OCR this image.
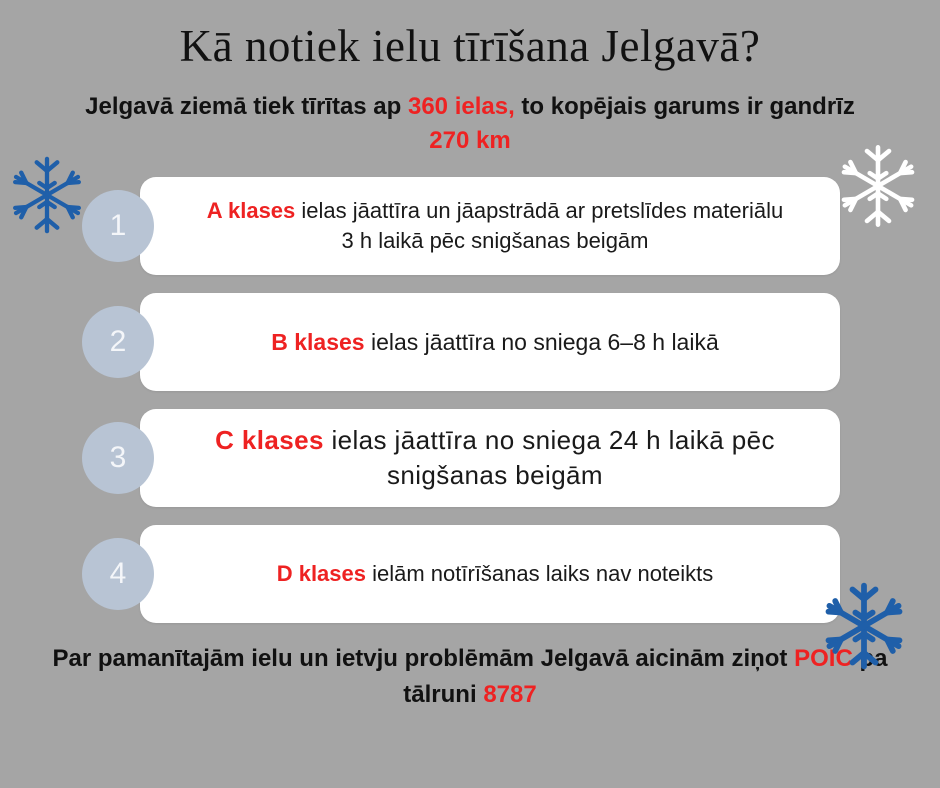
Kā notiek ielu tīrīšana Jelgavā?
Jelgavā ziemā tiek tīrītas ap 360 ielas, to kopējais garums ir gandrīz 270 km
1	A klases ielas jāattīra un jāapstrādā ar pretslīdes materiālu 3 h laikā pēc snigšanas beigām
2	B klases ielas jāattīra no sniega 6–8 h laikā
3
C klases ielas jāattīra no sniega 24 h laikā pēc snigšanas beigām
4	D klases ielām notīrīšanas laiks nav noteikts
Par pamanītajām ielu un ietvju problēmām Jelgavā aicinām ziņot POIC pa tālruni 8787
